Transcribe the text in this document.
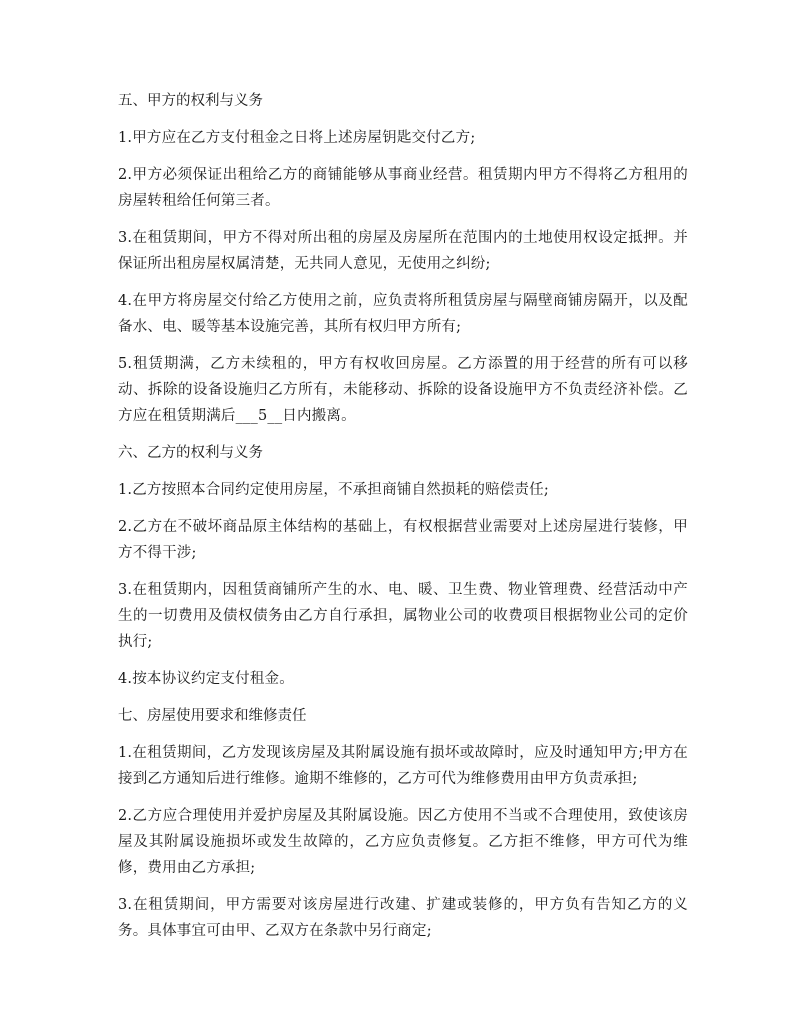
五、甲方的权利与义务

1.甲方应在乙方支付租金之日将上述房屋钥匙交付乙方;

2.甲方必须保证出租给乙方的商铺能够从事商业经营。租赁期内甲方不得将乙方租用的房屋转租给任何第三者。

3.在租赁期间，甲方不得对所出租的房屋及房屋所在范围内的土地使用权设定抵押。并保证所出租房屋权属清楚，无共同人意见，无使用之纠纷;

4.在甲方将房屋交付给乙方使用之前，应负责将所租赁房屋与隔壁商铺房隔开，以及配备水、电、暖等基本设施完善，其所有权归甲方所有;

5.租赁期满，乙方未续租的，甲方有权收回房屋。乙方添置的用于经营的所有可以移动、拆除的设备设施归乙方所有，未能移动、拆除的设备设施甲方不负责经济补偿。乙方应在租赁期满后___5__日内搬离。

六、乙方的权利与义务

1.乙方按照本合同约定使用房屋，不承担商铺自然损耗的赔偿责任;

2.乙方在不破坏商品原主体结构的基础上，有权根据营业需要对上述房屋进行装修，甲方不得干涉;

3.在租赁期内，因租赁商铺所产生的水、电、暖、卫生费、物业管理费、经营活动中产生的一切费用及债权债务由乙方自行承担，属物业公司的收费项目根据物业公司的定价执行;

4.按本协议约定支付租金。

七、房屋使用要求和维修责任

1.在租赁期间，乙方发现该房屋及其附属设施有损坏或故障时，应及时通知甲方;甲方在接到乙方通知后进行维修。逾期不维修的，乙方可代为维修费用由甲方负责承担;

2.乙方应合理使用并爱护房屋及其附属设施。因乙方使用不当或不合理使用，致使该房屋及其附属设施损坏或发生故障的，乙方应负责修复。乙方拒不维修，甲方可代为维修，费用由乙方承担;

3.在租赁期间，甲方需要对该房屋进行改建、扩建或装修的，甲方负有告知乙方的义务。具体事宜可由甲、乙双方在条款中另行商定;
